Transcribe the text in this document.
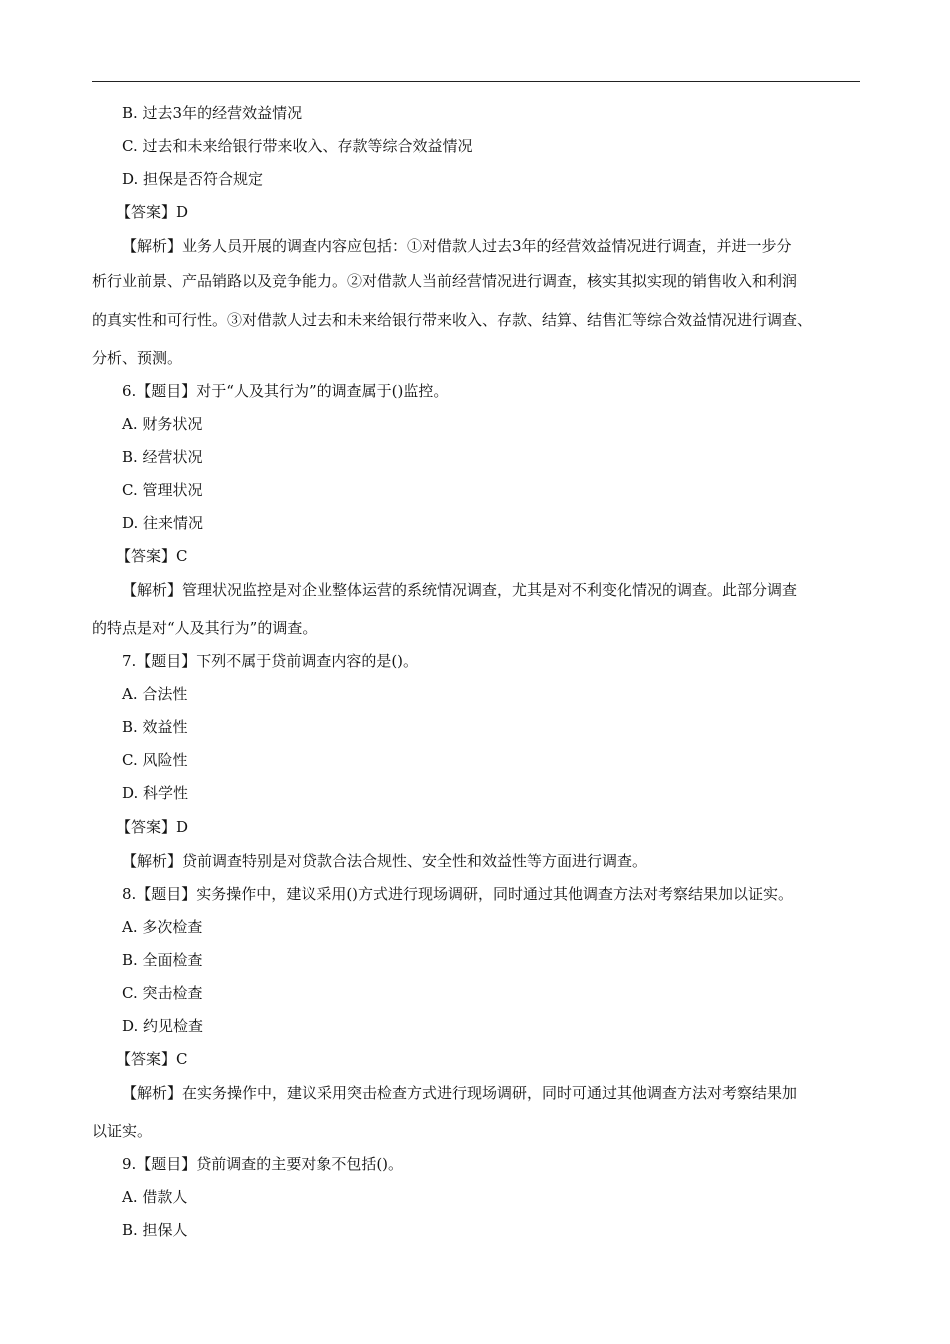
B. 过去3年的经营效益情况
C. 过去和未来给银行带来收入、存款等综合效益情况
D. 担保是否符合规定
【答案】D
【解析】业务人员开展的调查内容应包括：①对借款人过去3年的经营效益情况进行调查，并进一步分
析行业前景、产品销路以及竞争能力。②对借款人当前经营情况进行调查，核实其拟实现的销售收入和利润
的真实性和可行性。③对借款人过去和未来给银行带来收入、存款、结算、结售汇等综合效益情况进行调查、
分析、预测。
6.【题目】对于“人及其行为”的调查属于()监控。
A. 财务状况
B. 经营状况
C. 管理状况
D. 往来情况
【答案】C
【解析】管理状况监控是对企业整体运营的系统情况调查，尤其是对不利变化情况的调查。此部分调查
的特点是对“人及其行为”的调查。
7.【题目】下列不属于贷前调查内容的是()。
A. 合法性
B. 效益性
C. 风险性
D. 科学性
【答案】D
【解析】贷前调查特别是对贷款合法合规性、安全性和效益性等方面进行调查。
8.【题目】实务操作中，建议采用()方式进行现场调研，同时通过其他调查方法对考察结果加以证实。
A. 多次检查
B. 全面检查
C. 突击检查
D. 约见检查
【答案】C
【解析】在实务操作中，建议采用突击检查方式进行现场调研，同时可通过其他调查方法对考察结果加
以证实。
9.【题目】贷前调查的主要对象不包括()。
A. 借款人
B. 担保人
